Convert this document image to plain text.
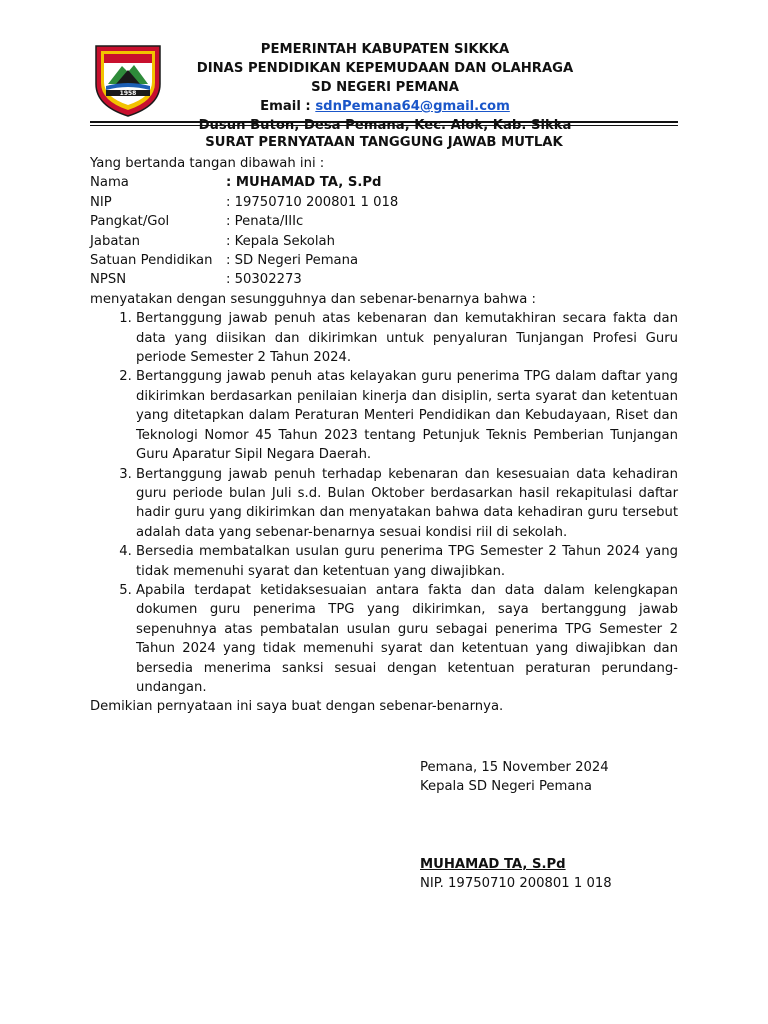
1958
PEMERINTAH KABUPATEN SIKKKA
DINAS PENDIDIKAN KEPEMUDAAN DAN OLAHRAGA
SD NEGERI PEMANA
Email : sdnPemana64@gmail.com
Dusun Buton, Desa Pemana, Kec. Alok, Kab. Sikka
SURAT PERNYATAAN TANGGUNG JAWAB MUTLAK

Yang bertanda tangan dibawah ini :

Nama	: MUHAMAD TA, S.Pd
NIP	: 19750710 200801 1 018
Pangkat/Gol	: Penata/IIIc
Jabatan	: Kepala Sekolah
Satuan Pendidikan	: SD Negeri Pemana
NPSN	: 50302273

menyatakan dengan sesungguhnya dan sebenar-benarnya bahwa :

1. Bertanggung jawab penuh atas kebenaran dan kemutakhiran secara fakta dan data yang diisikan dan dikirimkan untuk penyaluran Tunjangan Profesi Guru periode Semester 2 Tahun 2024.
2. Bertanggung jawab penuh atas kelayakan guru penerima TPG dalam daftar yang dikirimkan berdasarkan penilaian kinerja dan disiplin, serta syarat dan ketentuan yang ditetapkan dalam Peraturan Menteri Pendidikan dan Kebudayaan, Riset dan Teknologi Nomor 45 Tahun 2023 tentang Petunjuk Teknis Pemberian Tunjangan Guru Aparatur Sipil Negara Daerah.
3. Bertanggung jawab penuh terhadap kebenaran dan kesesuaian data kehadiran guru periode bulan Juli s.d. Bulan Oktober berdasarkan hasil rekapitulasi daftar hadir guru yang dikirimkan dan menyatakan bahwa data kehadiran guru tersebut adalah data yang sebenar-benarnya sesuai kondisi riil di sekolah.
4. Bersedia membatalkan usulan guru penerima TPG Semester 2 Tahun 2024 yang tidak memenuhi syarat dan ketentuan yang diwajibkan.
5. Apabila terdapat ketidaksesuaian antara fakta dan data dalam kelengkapan dokumen guru penerima TPG yang dikirimkan, saya bertanggung jawab sepenuhnya atas pembatalan usulan guru sebagai penerima TPG Semester 2 Tahun 2024 yang tidak memenuhi syarat dan ketentuan yang diwajibkan dan bersedia menerima sanksi sesuai dengan ketentuan peraturan perundang-undangan.

Demikian pernyataan ini saya buat dengan sebenar-benarnya.

Pemana, 15 November 2024
Kepala SD Negeri Pemana
MUHAMAD TA, S.Pd
NIP. 19750710 200801 1 018
